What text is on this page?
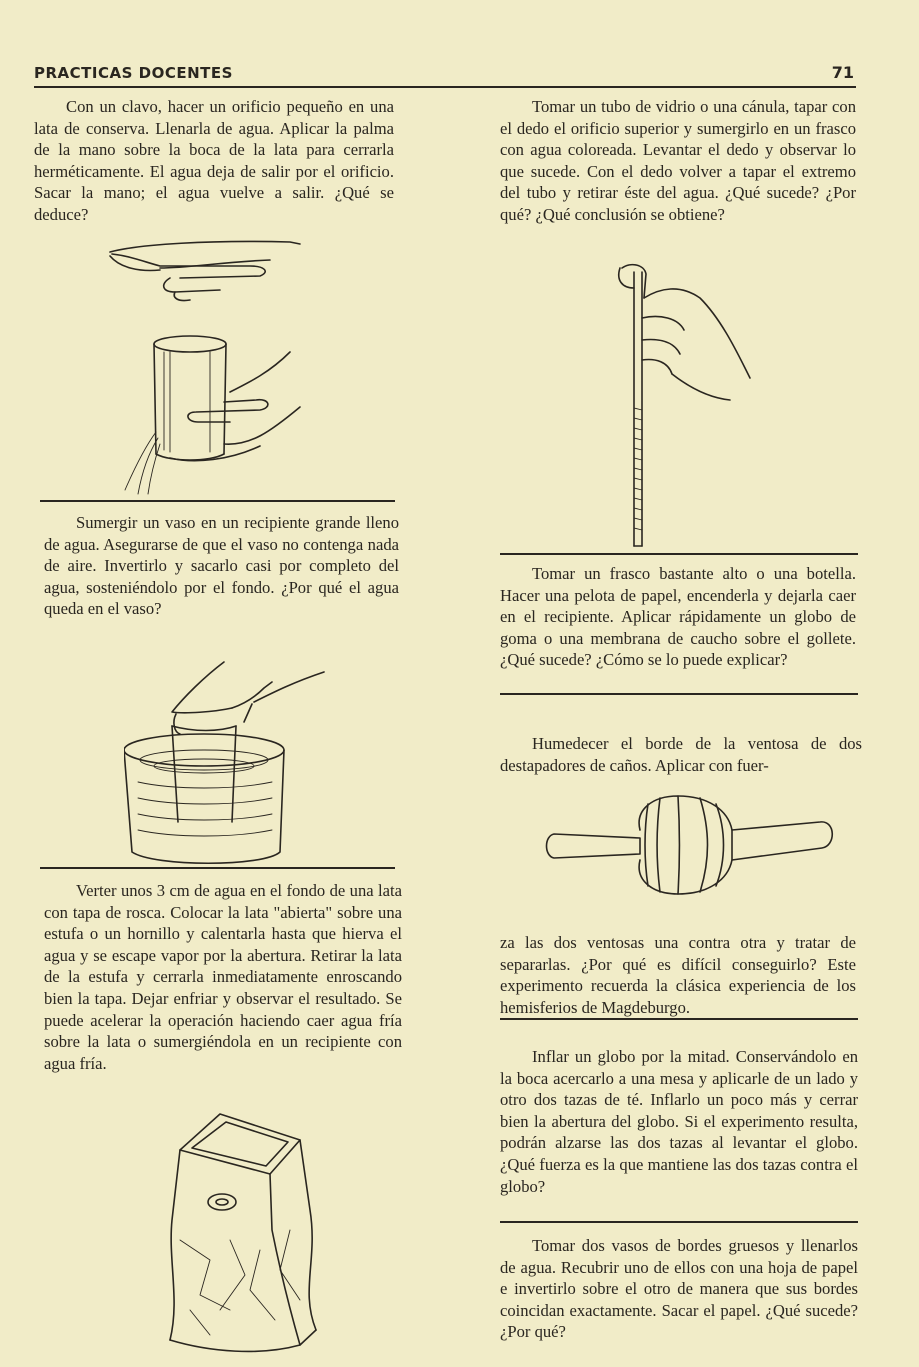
PRACTICAS DOCENTES	71

Con un clavo, hacer un orificio pequeño en una lata de conserva. Llenarla de agua. Aplicar la palma de la mano sobre la boca de la lata para cerrarla herméticamente. El agua deja de salir por el orificio. Sacar la mano; el agua vuelve a salir. ¿Qué se deduce?

Sumergir un vaso en un recipiente grande lleno de agua. Asegurarse de que el vaso no contenga nada de aire. Invertirlo y sacarlo casi por completo del agua, sosteniéndolo por el fondo. ¿Por qué el agua queda en el vaso?

Verter unos 3 cm de agua en el fondo de una lata con tapa de rosca. Colocar la lata "abierta" sobre una estufa o un hornillo y calentarla hasta que hierva el agua y se escape vapor por la abertura. Retirar la lata de la estufa y cerrarla inmediatamente enroscando bien la tapa. Dejar enfriar y observar el resultado. Se puede acelerar la operación haciendo caer agua fría sobre la lata o sumergiéndola en un recipiente con agua fría.

Tomar un tubo de vidrio o una cánula, tapar con el dedo el orificio superior y sumergirlo en un frasco con agua coloreada. Levantar el dedo y observar lo que sucede. Con el dedo volver a tapar el extremo del tubo y retirar éste del agua. ¿Qué sucede? ¿Por qué? ¿Qué conclusión se obtiene?

Tomar un frasco bastante alto o una botella. Hacer una pelota de papel, encenderla y dejarla caer en el recipiente. Aplicar rápidamente un globo de goma o una membrana de caucho sobre el gollete. ¿Qué sucede? ¿Cómo se lo puede explicar?

Humedecer el borde de la ventosa de dos destapadores de caños. Aplicar con fuer-

za las dos ventosas una contra otra y tratar de separarlas. ¿Por qué es difícil conseguirlo? Este experimento recuerda la clásica experiencia de los hemisferios de Magdeburgo.

Inflar un globo por la mitad. Conservándolo en la boca acercarlo a una mesa y aplicarle de un lado y otro dos tazas de té. Inflarlo un poco más y cerrar bien la abertura del globo. Si el experimento resulta, podrán alzarse las dos tazas al levantar el globo. ¿Qué fuerza es la que mantiene las dos tazas contra el globo?

Tomar dos vasos de bordes gruesos y llenarlos de agua. Recubrir uno de ellos con una hoja de papel e invertirlo sobre el otro de manera que sus bordes coincidan exactamente. Sacar el papel. ¿Qué sucede? ¿Por qué?
